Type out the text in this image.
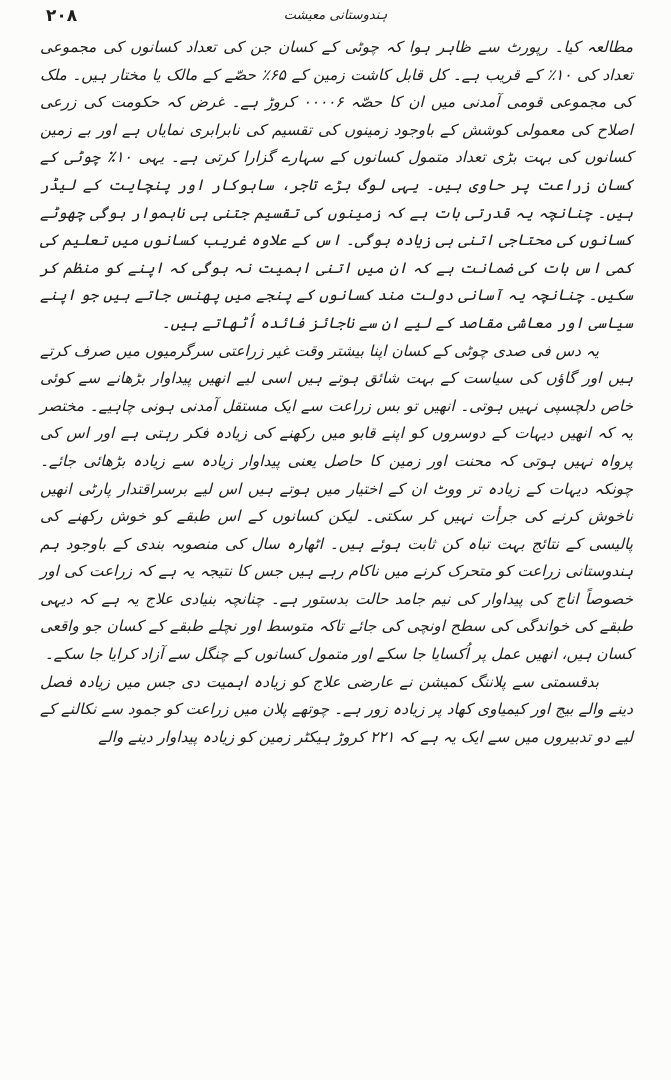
۲۰۸	ہندوستانی معیشت

مطالعہ کیا۔ رپورٹ سے ظاہر ہوا کہ چوٹی کے کسان جن کی تعداد کسانوں کی مجموعی تعداد کی ۱۰٪ کے قریب ہے۔ کل قابل کاشت زمین کے ۶۵٪ حصّے کے مالک یا مختار ہیں۔ ملک کی مجموعی قومی آمدنی میں ان کا حصّہ ۰۰۰۰۶ کروڑ ہے۔ غرض کہ حکومت کی زرعی اصلاح کی معمولی کوشش کے باوجود زمینوں کی تقسیم کی نابرابری نمایاں ہے اور بے زمین کسانوں کی بہت بڑی تعداد متمول کسانوں کے سہارے گزارا کرتی ہے۔ یہی ۱۰٪ چوٹی کے کسان زراعت پر حاوی ہیں۔ یہی لوگ بڑے تاجر، ساہوکار اور پنچایت کے لیڈر ہیں۔ چنانچہ یہ قدرتی بات ہے کہ زمینوں کی تقسیم جتنی ہی ناہموار ہوگی چھوٹے کسانوں کی محتاجی اتنی ہی زیادہ ہوگی۔ اس کے علاوہ غریب کسانوں میں تعلیم کی کمی اس بات کی ضمانت ہے کہ ان میں اتنی اہمیت نہ ہوگی کہ اپنے کو منظم کر سکیں۔ چنانچہ یہ آسانی دولت مند کسانوں کے پنجے میں پھنس جاتے ہیں جو اپنے سیاسی اور معاشی مقاصد کے لیے ان سے ناجائز فائدہ اُٹھاتے ہیں۔

یہ دس فی صدی چوٹی کے کسان اپنا بیشتر وقت غیر زراعتی سرگرمیوں میں صرف کرتے ہیں اور گاؤں کی سیاست کے بہت شائق ہوتے ہیں اسی لیے انھیں پیداوار بڑھانے سے کوئی خاص دلچسپی نہیں ہوتی۔ انھیں تو بس زراعت سے ایک مستقل آمدنی ہونی چاہیے۔ مختصر یہ کہ انھیں دیہات کے دوسروں کو اپنے قابو میں رکھنے کی زیادہ فکر رہتی ہے اور اس کی پرواہ نہیں ہوتی کہ محنت اور زمین کا حاصل یعنی پیداوار زیادہ سے زیادہ بڑھائی جائے۔ چونکہ دیہات کے زیادہ تر ووٹ ان کے اختیار میں ہوتے ہیں اس لیے برسراقتدار پارٹی انھیں ناخوش کرنے کی جرأت نہیں کر سکتی۔ لیکن کسانوں کے اس طبقے کو خوش رکھنے کی پالیسی کے نتائج بہت تباہ کن ثابت ہوئے ہیں۔ اٹھارہ سال کی منصوبہ بندی کے باوجود ہم ہندوستانی زراعت کو متحرک کرنے میں ناکام رہے ہیں جس کا نتیجہ یہ ہے کہ زراعت کی اور خصوصاً اناج کی پیداوار کی نیم جامد حالت بدستور ہے۔ چنانچہ بنیادی علاج یہ ہے کہ دیہی طبقے کی خواندگی کی سطح اونچی کی جائے تاکہ متوسط اور نچلے طبقے کے کسان جو واقعی کسان ہیں، انھیں عمل پر اُکسایا جا سکے اور متمول کسانوں کے چنگل سے آزاد کرایا جا سکے۔

بدقسمتی سے پلاننگ کمیشن نے عارضی علاج کو زیادہ اہمیت دی جس میں زیادہ فصل دینے والے بیج اور کیمیاوی کھاد پر زیادہ زور ہے۔ چوتھے پلان میں زراعت کو جمود سے نکالنے کے لیے دو تدبیروں میں سے ایک یہ ہے کہ ۲۲۱ کروڑ ہیکٹر زمین کو زیادہ پیداوار دینے والے
